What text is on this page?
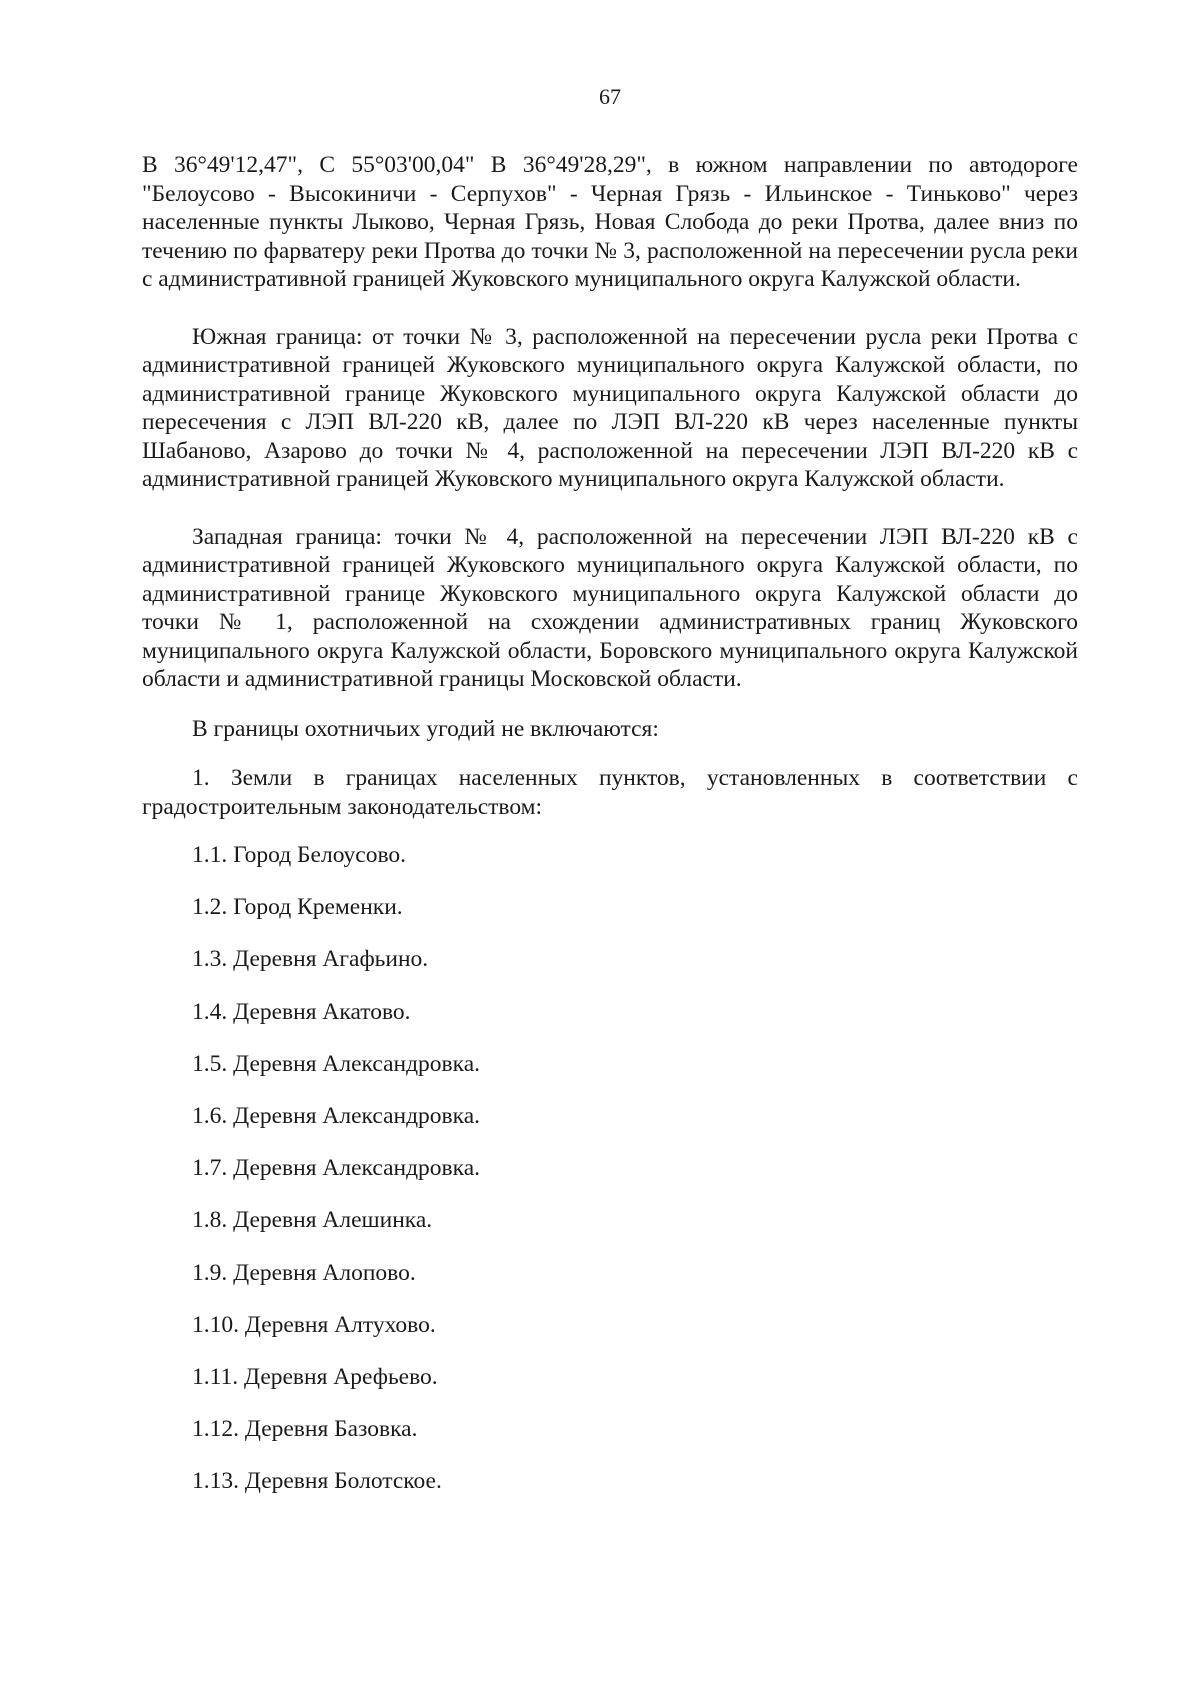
67

В 36°49'12,47", С 55°03'00,04" В 36°49'28,29", в южном направлении по автодороге "Белоусово - Высокиничи - Серпухов" - Черная Грязь - Ильинское - Тиньково" через населенные пункты Лыково, Черная Грязь, Новая Слобода до реки Протва, далее вниз по течению по фарватеру реки Протва до точки № 3, расположенной на пересечении русла реки с административной границей Жуковского муниципального округа Калужской области.

Южная граница: от точки № 3, расположенной на пересечении русла реки Протва с административной границей Жуковского муниципального округа Калужской области, по административной границе Жуковского муниципального округа Калужской области до пересечения с ЛЭП ВЛ-220 кВ, далее по ЛЭП ВЛ-220 кВ через населенные пункты Шабаново, Азарово до точки № 4, расположенной на пересечении ЛЭП ВЛ-220 кВ с административной границей Жуковского муниципального округа Калужской области.

Западная граница: точки № 4, расположенной на пересечении ЛЭП ВЛ-220 кВ с административной границей Жуковского муниципального округа Калужской области, по административной границе Жуковского муниципального округа Калужской области до точки № 1, расположенной на схождении административных границ Жуковского муниципального округа Калужской области, Боровского муниципального округа Калужской области и административной границы Московской области.

В границы охотничьих угодий не включаются:

1. Земли в границах населенных пунктов, установленных в соответствии с градостроительным законодательством:

1.1. Город Белоусово.
1.2. Город Кременки.
1.3. Деревня Агафьино.
1.4. Деревня Акатово.
1.5. Деревня Александровка.
1.6. Деревня Александровка.
1.7. Деревня Александровка.
1.8. Деревня Алешинка.
1.9. Деревня Алопово.
1.10. Деревня Алтухово.
1.11. Деревня Арефьево.
1.12. Деревня Базовка.
1.13. Деревня Болотское.
